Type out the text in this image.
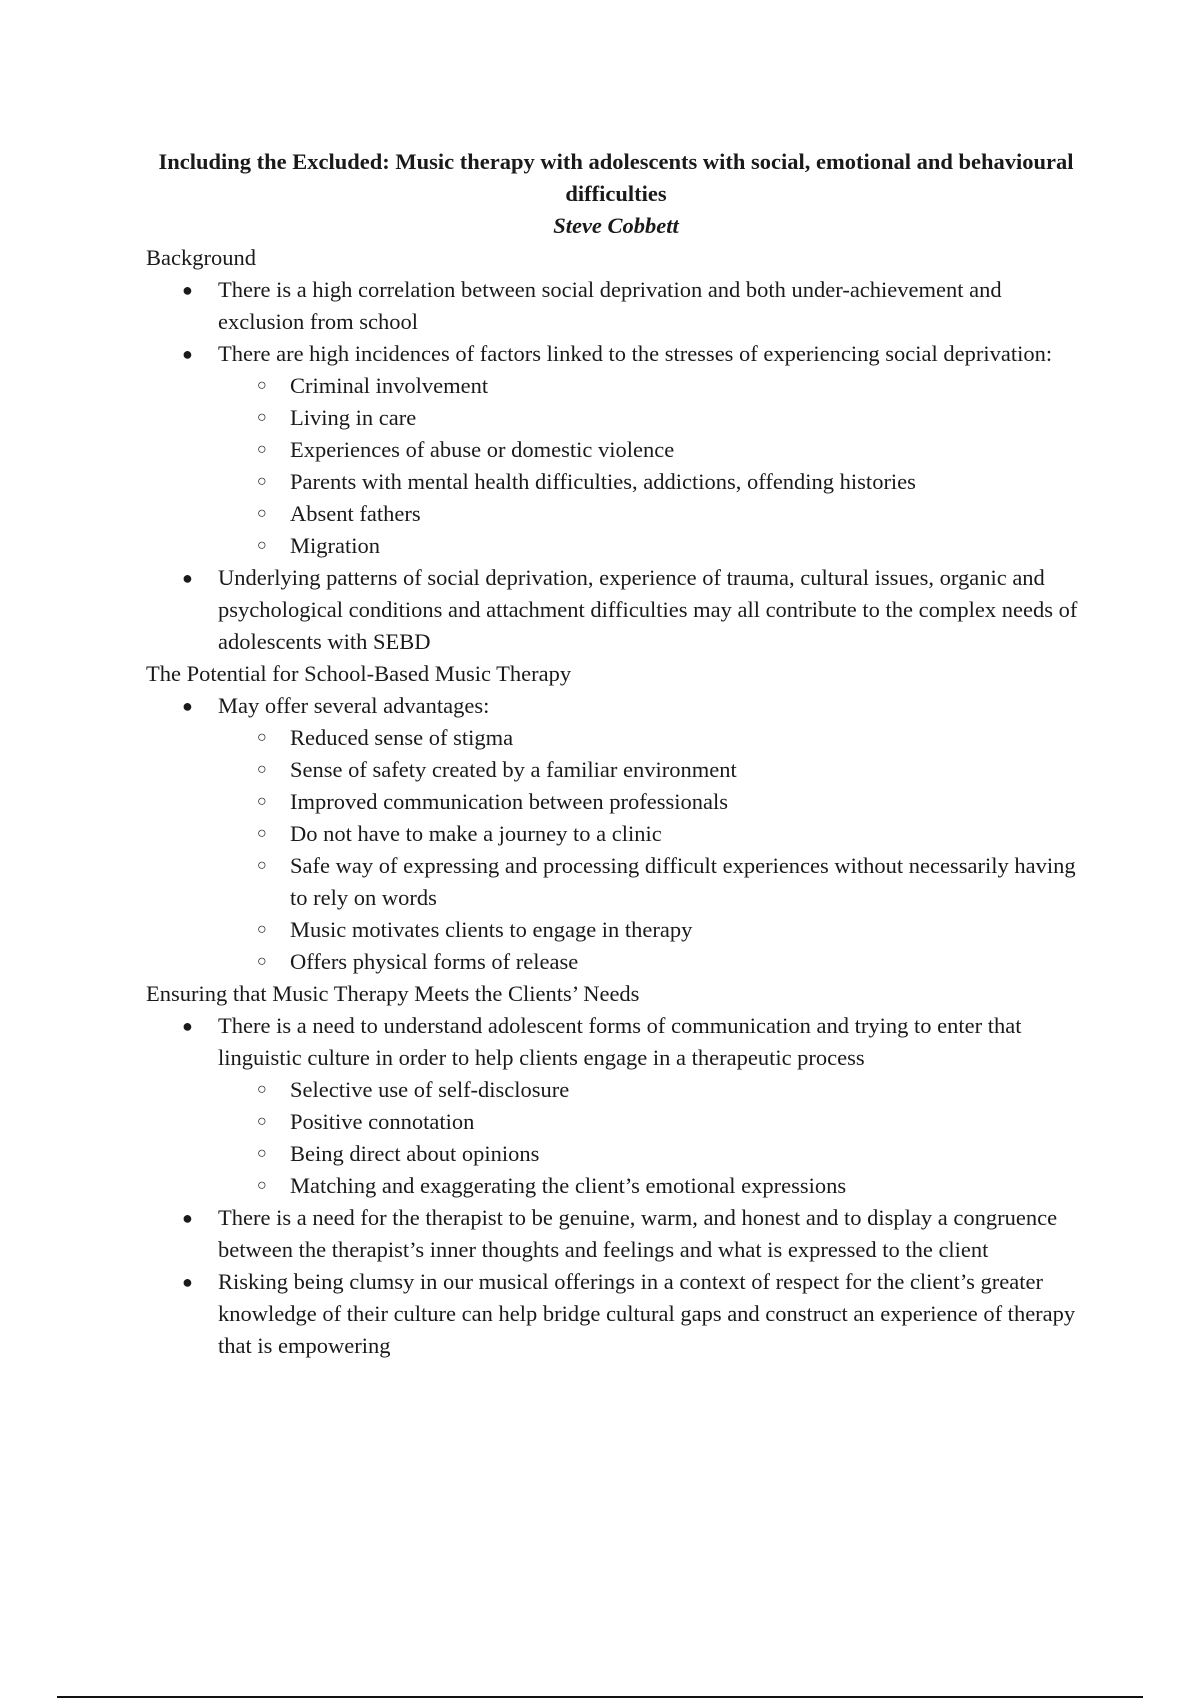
Including the Excluded: Music therapy with adolescents with social, emotional and behavioural difficulties

Steve Cobbett

Background

● There is a high correlation between social deprivation and both under-achievement and exclusion from school
● There are high incidences of factors linked to the stresses of experiencing social deprivation:
○ Criminal involvement
○ Living in care
○ Experiences of abuse or domestic violence
○ Parents with mental health difficulties, addictions, offending histories
○ Absent fathers
○ Migration
● Underlying patterns of social deprivation, experience of trauma, cultural issues, organic and psychological conditions and attachment difficulties may all contribute to the complex needs of adolescents with SEBD

The Potential for School-Based Music Therapy

● May offer several advantages:
○ Reduced sense of stigma
○ Sense of safety created by a familiar environment
○ Improved communication between professionals
○ Do not have to make a journey to a clinic
○ Safe way of expressing and processing difficult experiences without necessarily having to rely on words
○ Music motivates clients to engage in therapy
○ Offers physical forms of release

Ensuring that Music Therapy Meets the Clients’ Needs

● There is a need to understand adolescent forms of communication and trying to enter that linguistic culture in order to help clients engage in a therapeutic process
○ Selective use of self-disclosure
○ Positive connotation
○ Being direct about opinions
○ Matching and exaggerating the client’s emotional expressions
● There is a need for the therapist to be genuine, warm, and honest and to display a congruence between the therapist’s inner thoughts and feelings and what is expressed to the client
● Risking being clumsy in our musical offerings in a context of respect for the client’s greater knowledge of their culture can help bridge cultural gaps and construct an experience of therapy that is empowering
